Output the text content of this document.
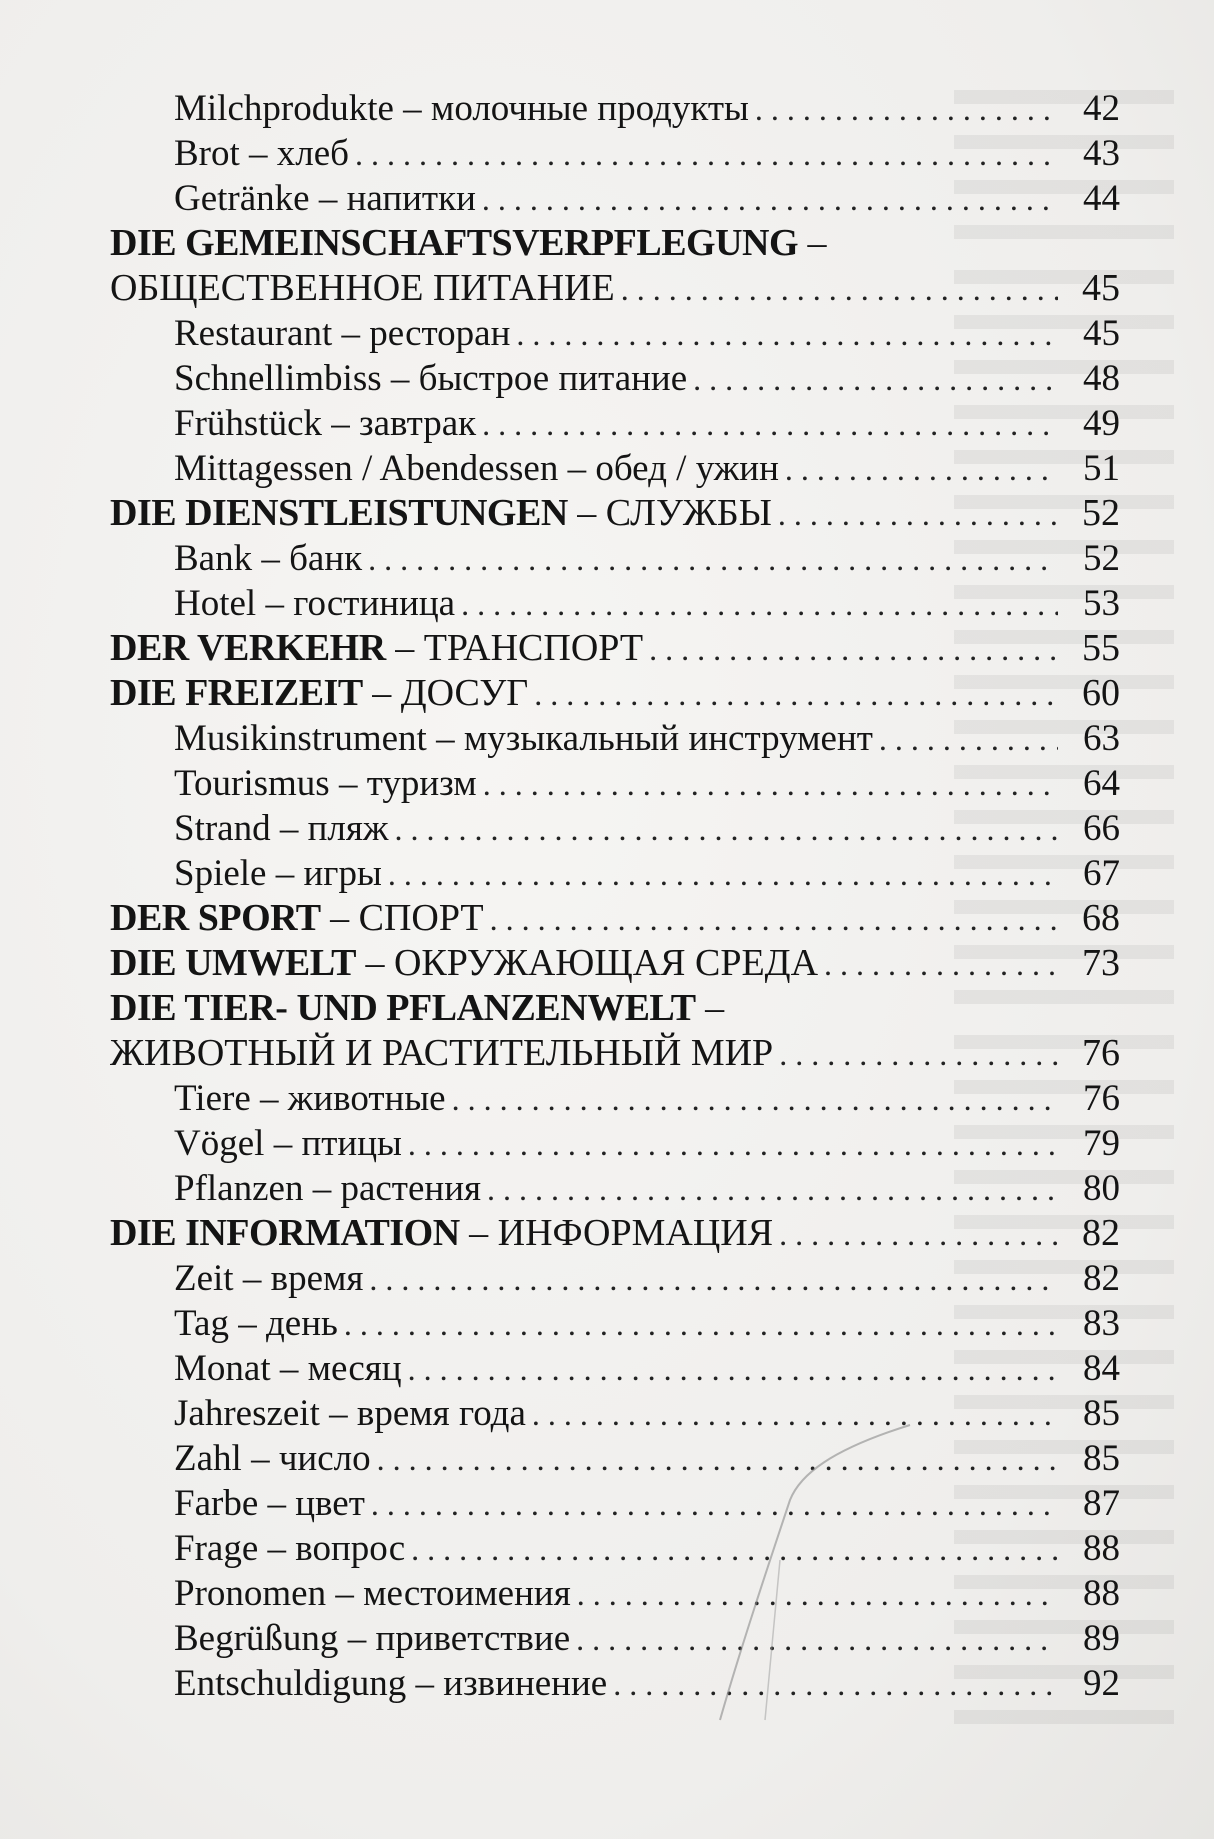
Milchprodukte – молочные продукты . . .	42
Brot – хлеб . . .	43
Getränke – напитки . . .	44
DIE GEMEINSCHAFTSVERPFLEGUNG –
ОБЩЕСТВЕННОЕ ПИТАНИЕ . . .	45
Restaurant – ресторан . . .	45
Schnellimbiss – быстрое питание . . .	48
Frühstück – завтрак . . .	49
Mittagessen / Abendessen – обед / ужин . . .	51
DIE DIENSTLEISTUNGEN – СЛУЖБЫ . . .	52
Bank – банк . . .	52
Hotel – гостиница . . .	53
DER VERKEHR – ТРАНСПОРТ . . .	55
DIE FREIZEIT – ДОСУГ . . .	60
Musikinstrument – музыкальный инструмент . . .	63
Tourismus – туризм . . .	64
Strand – пляж . . .	66
Spiele – игры . . .	67
DER SPORT – СПОРТ . . .	68
DIE UMWELT – ОКРУЖАЮЩАЯ СРЕДА . . .	73
DIE TIER- UND PFLANZENWELT –
ЖИВОТНЫЙ И РАСТИТЕЛЬНЫЙ МИР . . .	76
Tiere – животные . . .	76
Vögel – птицы . . .	79
Pflanzen – растения . . .	80
DIE INFORMATION – ИНФОРМАЦИЯ . . .	82
Zeit – время . . .	82
Tag – день . . .	83
Monat – месяц . . .	84
Jahreszeit – время года . . .	85
Zahl – число . . .	85
Farbe – цвет . . .	87
Frage – вопрос . . .	88
Pronomen – местоимения . . .	88
Begrüßung – приветствие . . .	89
Entschuldigung – извинение . . .	92
